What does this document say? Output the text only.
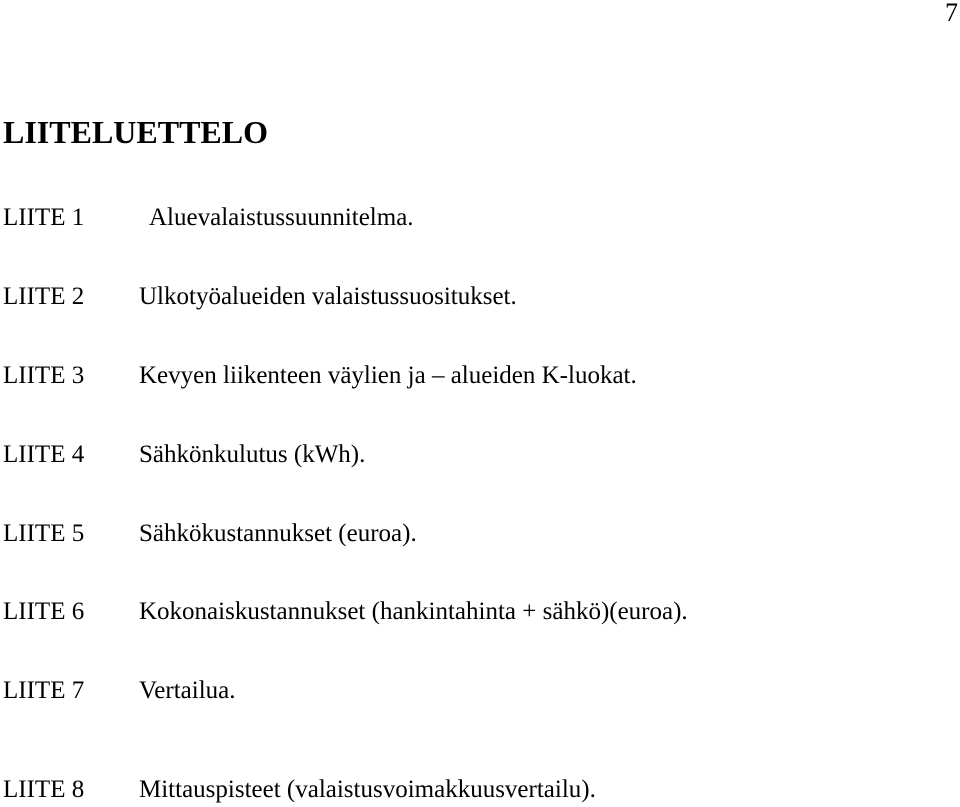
7
LIITELUETTELO
LIITE 1	Aluevalaistussuunnitelma.
LIITE 2 Ulkotyöalueiden valaistussuositukset.
LIITE 3 Kevyen liikenteen väylien ja – alueiden K-luokat.
LIITE 4 Sähkönkulutus (kWh).
LIITE 5 Sähkökustannukset (euroa).
LIITE 6 Kokonaiskustannukset (hankintahinta + sähkö)(euroa).
LIITE 7 Vertailua.
LIITE 8 Mittauspisteet (valaistusvoimakkuusvertailu).
